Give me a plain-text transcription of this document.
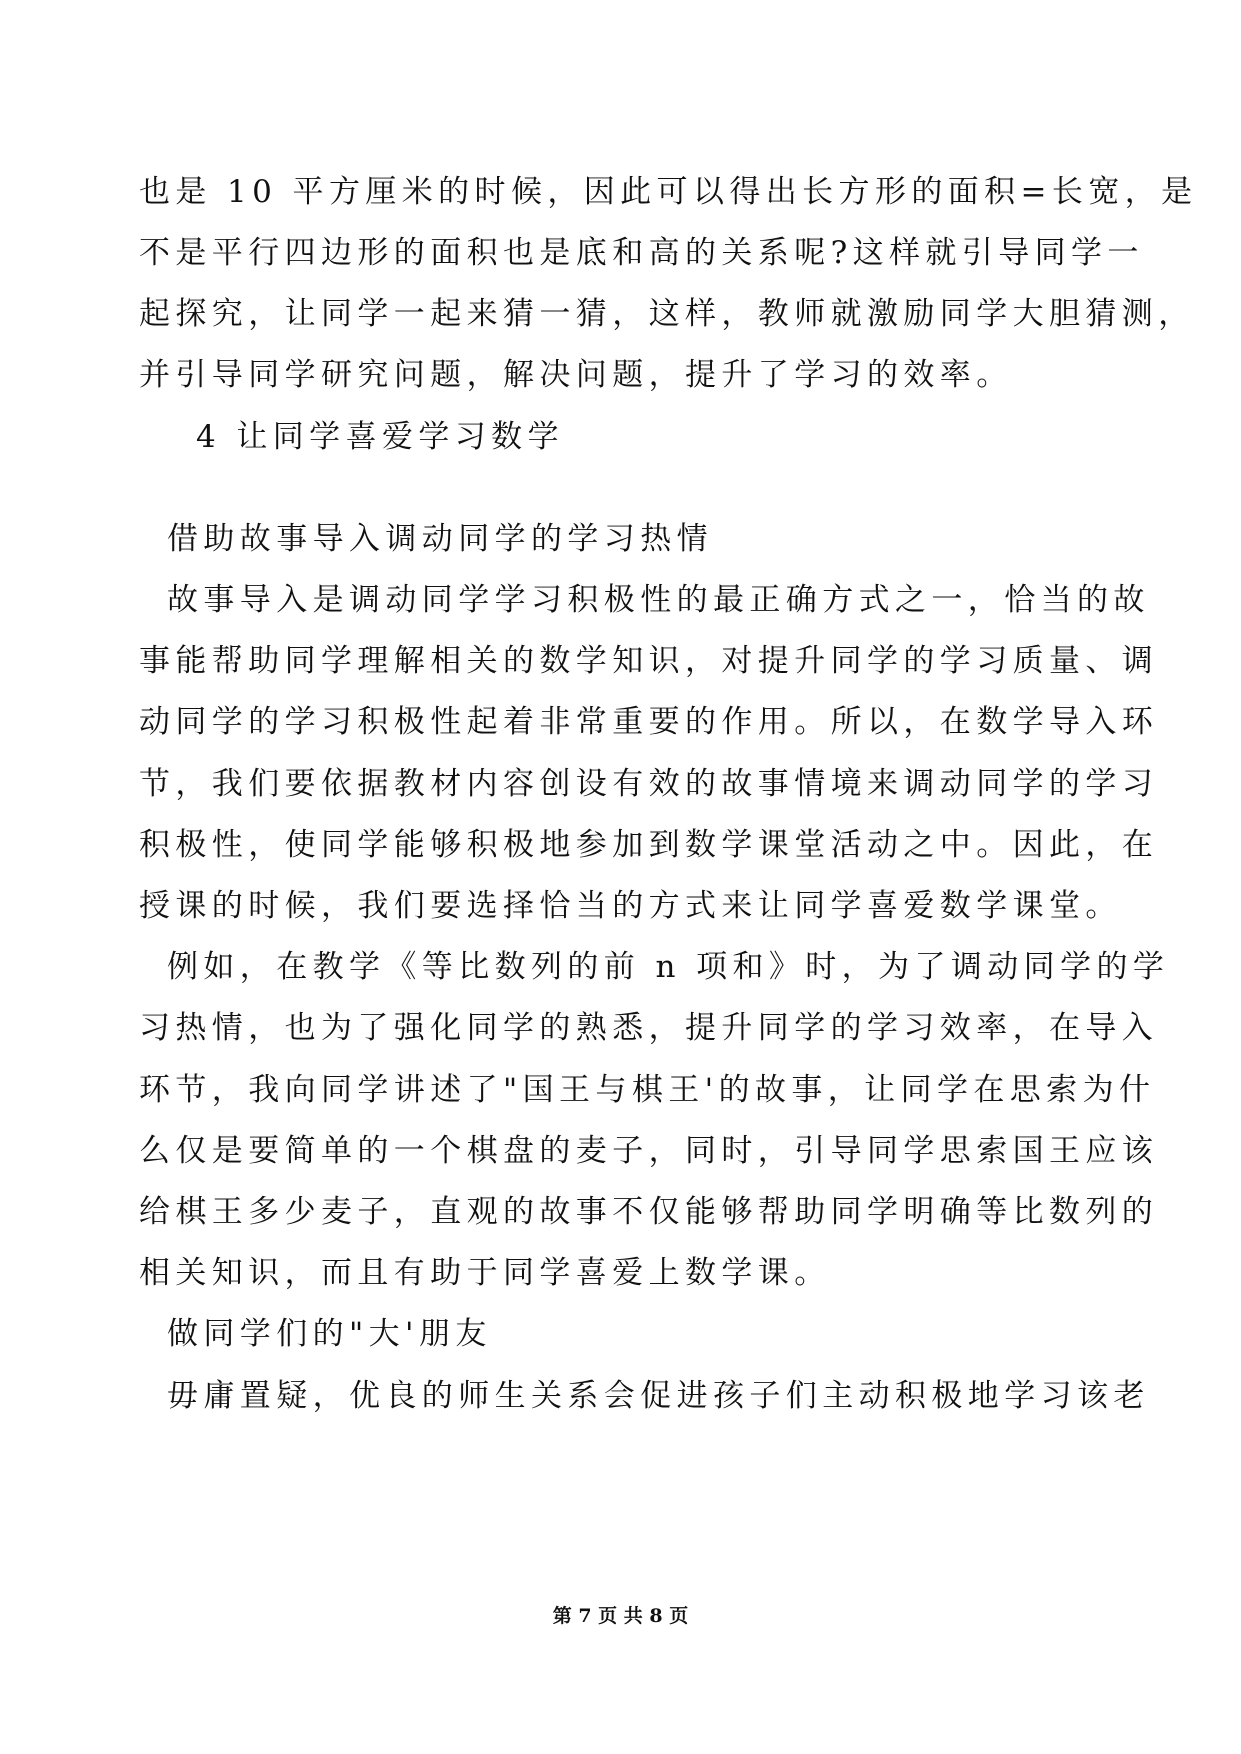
也是 10 平方厘米的时候，因此可以得出长方形的面积=长宽，是
不是平行四边形的面积也是底和高的关系呢?这样就引导同学一
起探究，让同学一起来猜一猜，这样，教师就激励同学大胆猜测，
并引导同学研究问题，解决问题，提升了学习的效率。
4 让同学喜爱学习数学
借助故事导入调动同学的学习热情
故事导入是调动同学学习积极性的最正确方式之一，恰当的故
事能帮助同学理解相关的数学知识，对提升同学的学习质量、调
动同学的学习积极性起着非常重要的作用。所以，在数学导入环
节，我们要依据教材内容创设有效的故事情境来调动同学的学习
积极性，使同学能够积极地参加到数学课堂活动之中。因此，在
授课的时候，我们要选择恰当的方式来让同学喜爱数学课堂。
例如，在教学《等比数列的前 n 项和》时，为了调动同学的学
习热情，也为了强化同学的熟悉，提升同学的学习效率，在导入
环节，我向同学讲述了"国王与棋王'的故事，让同学在思索为什
么仅是要简单的一个棋盘的麦子，同时，引导同学思索国王应该
给棋王多少麦子，直观的故事不仅能够帮助同学明确等比数列的
相关知识，而且有助于同学喜爱上数学课。
做同学们的"大'朋友
毋庸置疑，优良的师生关系会促进孩子们主动积极地学习该老
第 7 页 共 8 页
